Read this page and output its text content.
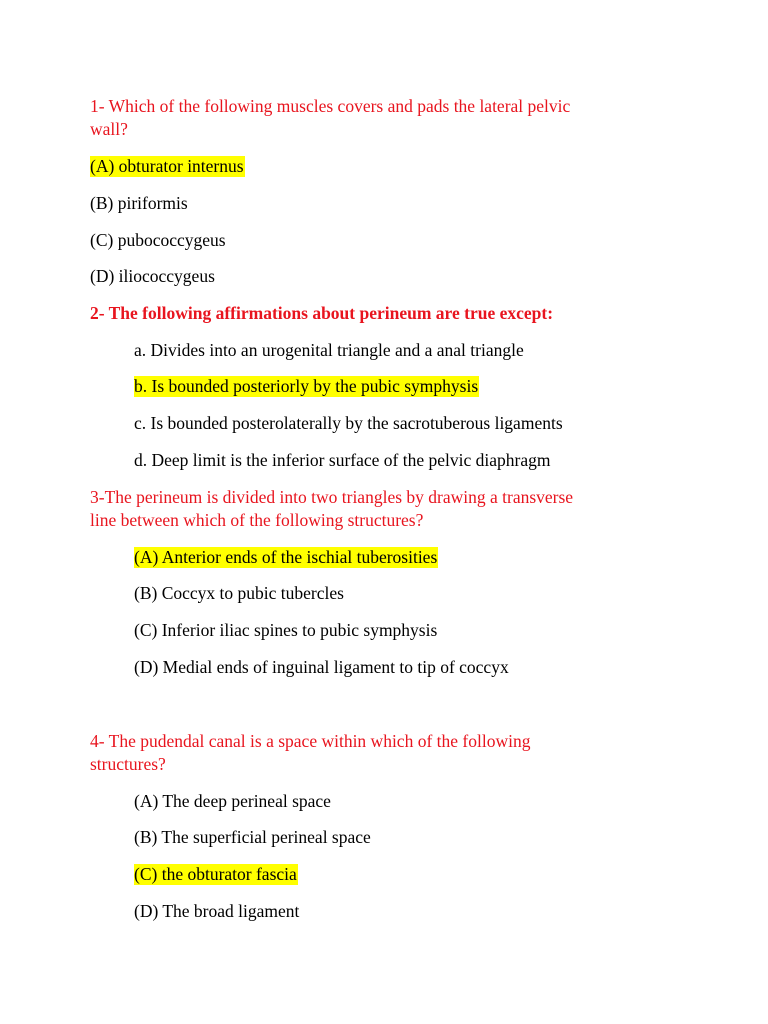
1- Which of the following muscles covers and pads the lateral pelvic
wall?
(A) obturator internus
(B) piriformis
(C) pubococcygeus
(D) iliococcygeus
2- The following affirmations about perineum are true except:
a. Divides into an urogenital triangle and a anal triangle
b. Is bounded posteriorly by the pubic symphysis
c. Is bounded posterolaterally by the sacrotuberous ligaments
d. Deep limit is the inferior surface of the pelvic diaphragm
3-The perineum is divided into two triangles by drawing a transverse
line between which of the following structures?
(A) Anterior ends of the ischial tuberosities
(B) Coccyx to pubic tubercles
(C) Inferior iliac spines to pubic symphysis
(D) Medial ends of inguinal ligament to tip of coccyx
4- The pudendal canal is a space within which of the following
structures?
(A) The deep perineal space
(B) The superficial perineal space
(C) the obturator fascia
(D) The broad ligament
